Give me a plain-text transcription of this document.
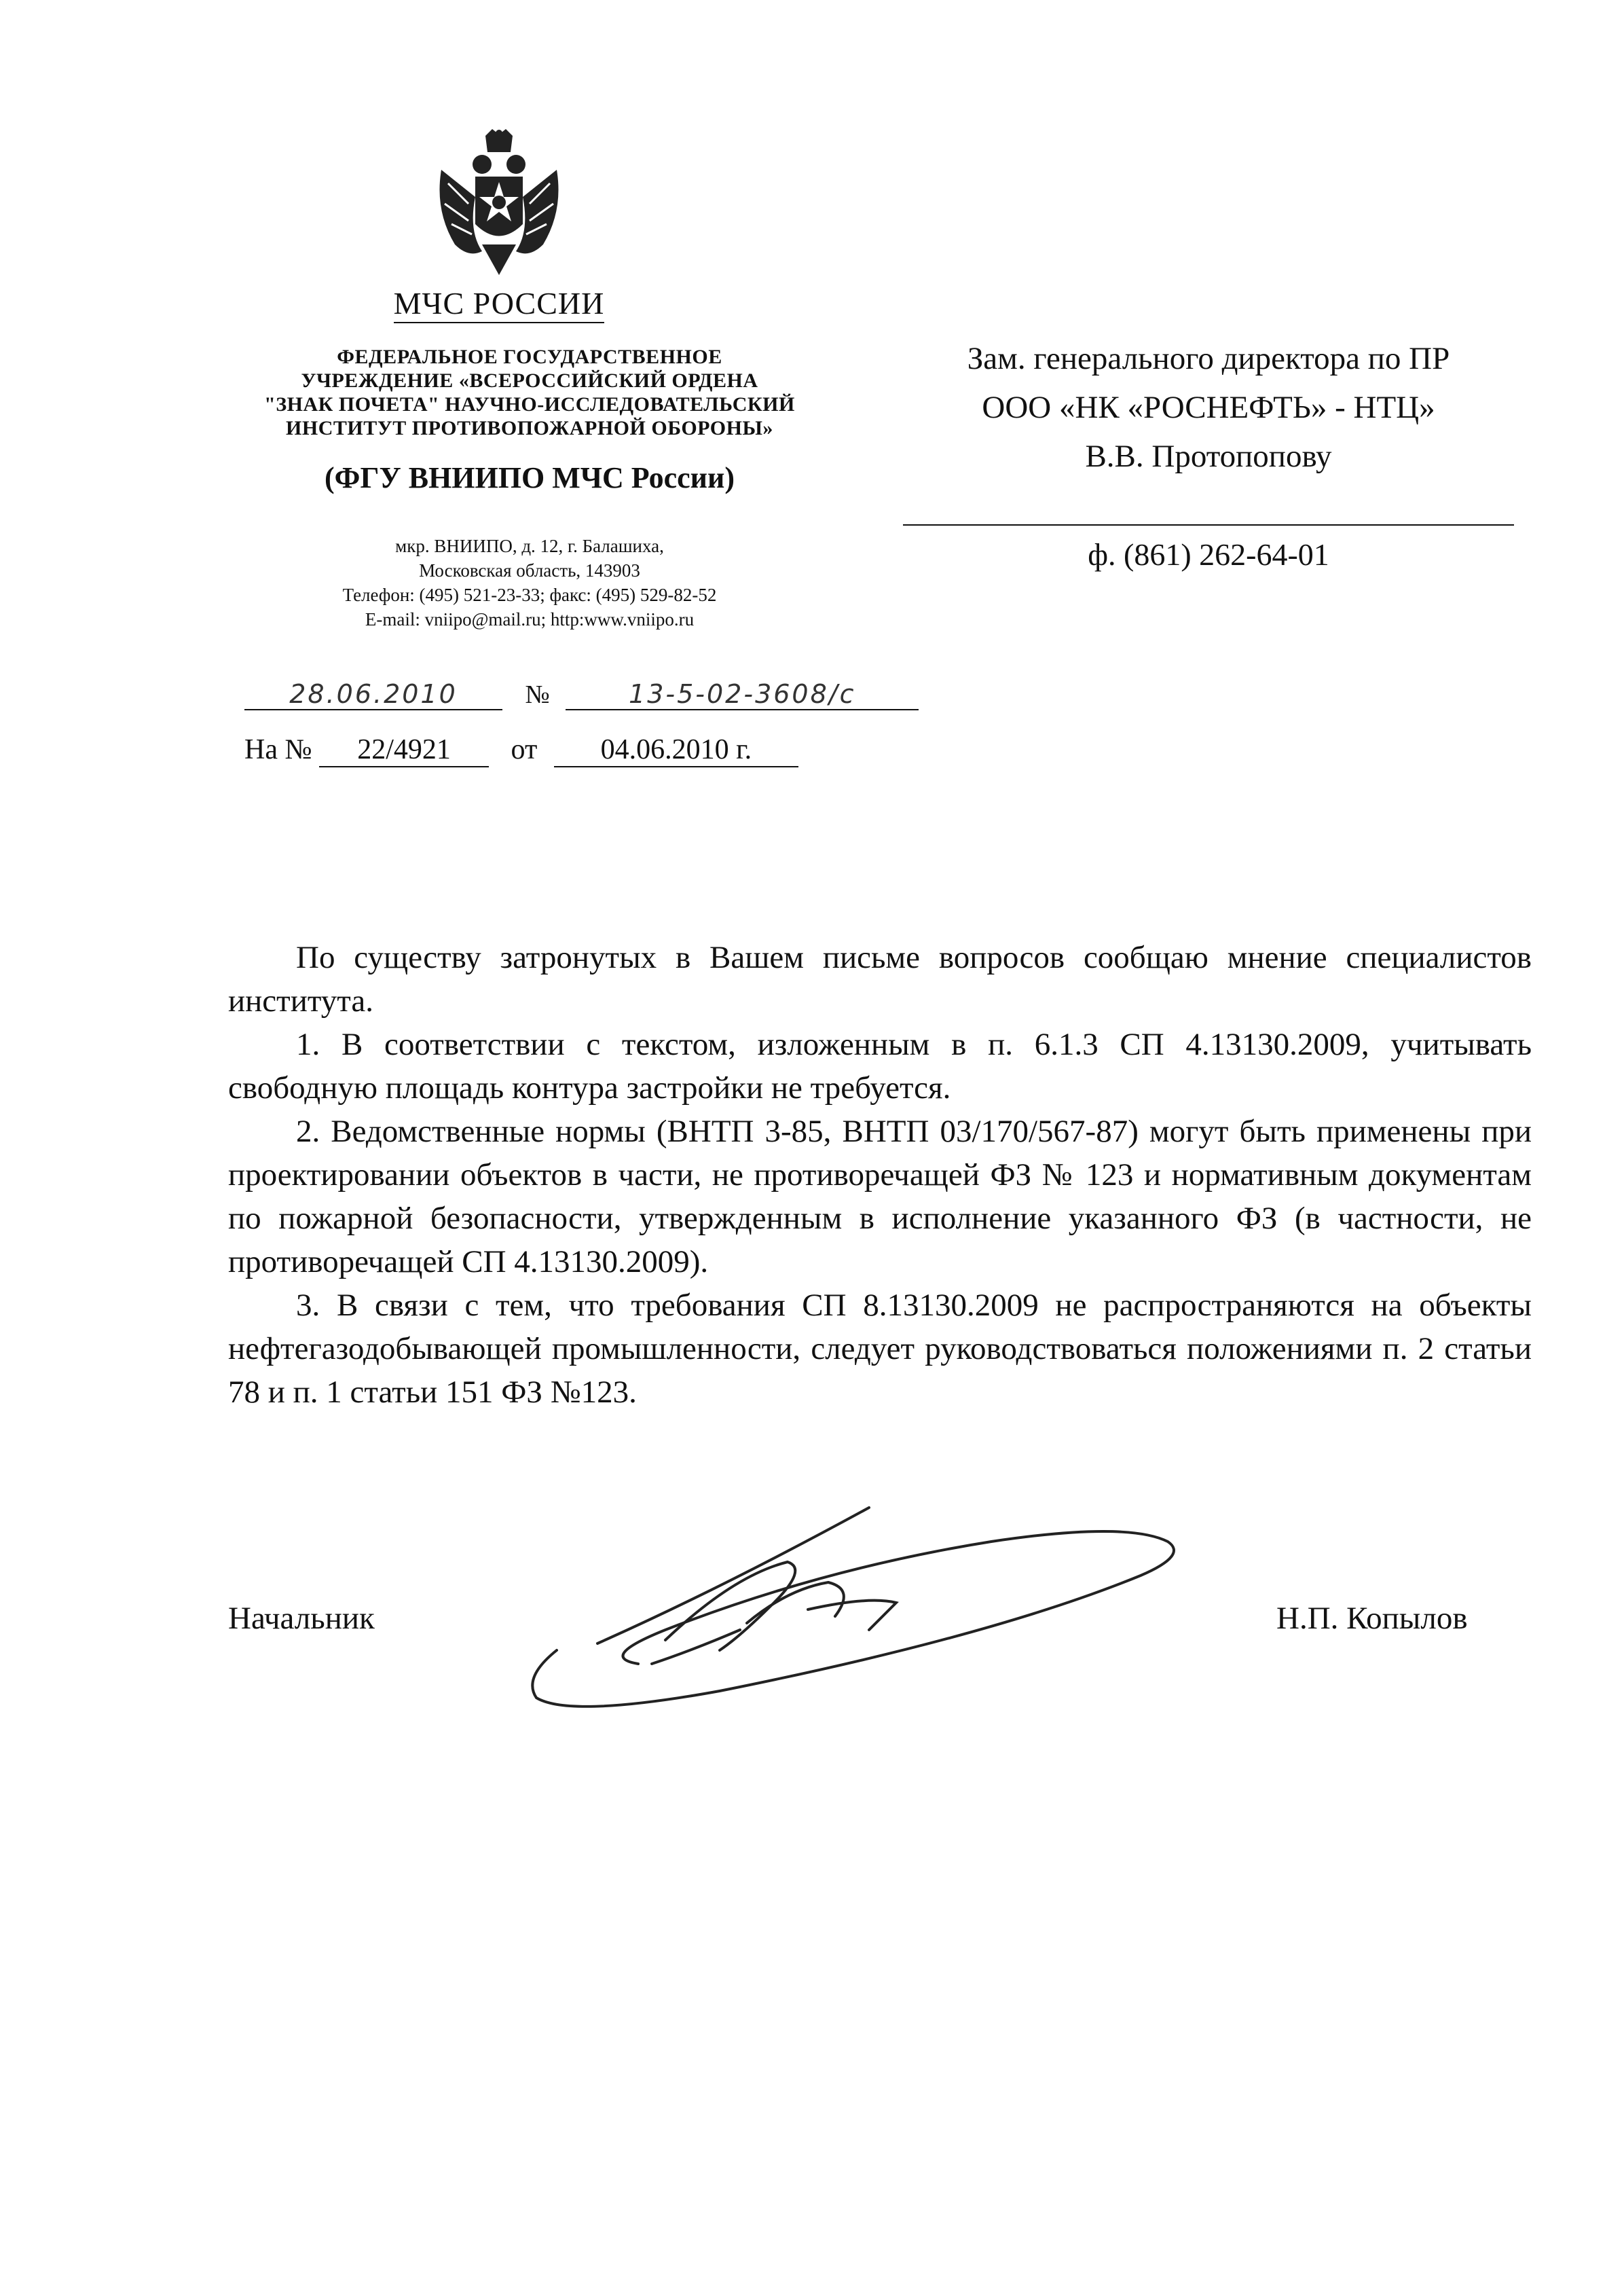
МЧС РОССИИ
ФЕДЕРАЛЬНОЕ ГОСУДАРСТВЕННОЕ
УЧРЕЖДЕНИЕ «ВСЕРОССИЙСКИЙ ОРДЕНА
"ЗНАК ПОЧЕТА" НАУЧНО-ИССЛЕДОВАТЕЛЬСКИЙ
ИНСТИТУТ ПРОТИВОПОЖАРНОЙ ОБОРОНЫ»
(ФГУ ВНИИПО МЧС России)
мкр. ВНИИПО, д. 12, г. Балашиха,
Московская область, 143903
Телефон: (495) 521-23-33; факс: (495) 529-82-52
E-mail: vniipo@mail.ru; http:www.vniipo.ru
Зам. генерального директора по ПР
ООО «НК «РОСНЕФТЬ» - НТЦ»
В.В. Протопопову
ф. (861) 262-64-01
28.06.2010	№	13-5-02-3608/с
На № 22/4921 от 04.06.2010 г.

По существу затронутых в Вашем письме вопросов сообщаю мнение специалистов института.

1. В соответствии с текстом, изложенным в п. 6.1.3 СП 4.13130.2009, учитывать свободную площадь контура застройки не требуется.

2. Ведомственные нормы (ВНТП 3-85, ВНТП 03/170/567-87) могут быть применены при проектировании объектов в части, не противоречащей ФЗ № 123 и нормативным документам по пожарной безопасности, утвержденным в исполнение указанного ФЗ (в частности, не противоречащей СП 4.13130.2009).

3. В связи с тем, что требования СП 8.13130.2009 не распространяются на объекты нефтегазодобывающей промышленности, следует руководствоваться положениями п. 2 статьи 78 и п. 1 статьи 151 ФЗ №123.

Начальник	Н.П. Копылов
